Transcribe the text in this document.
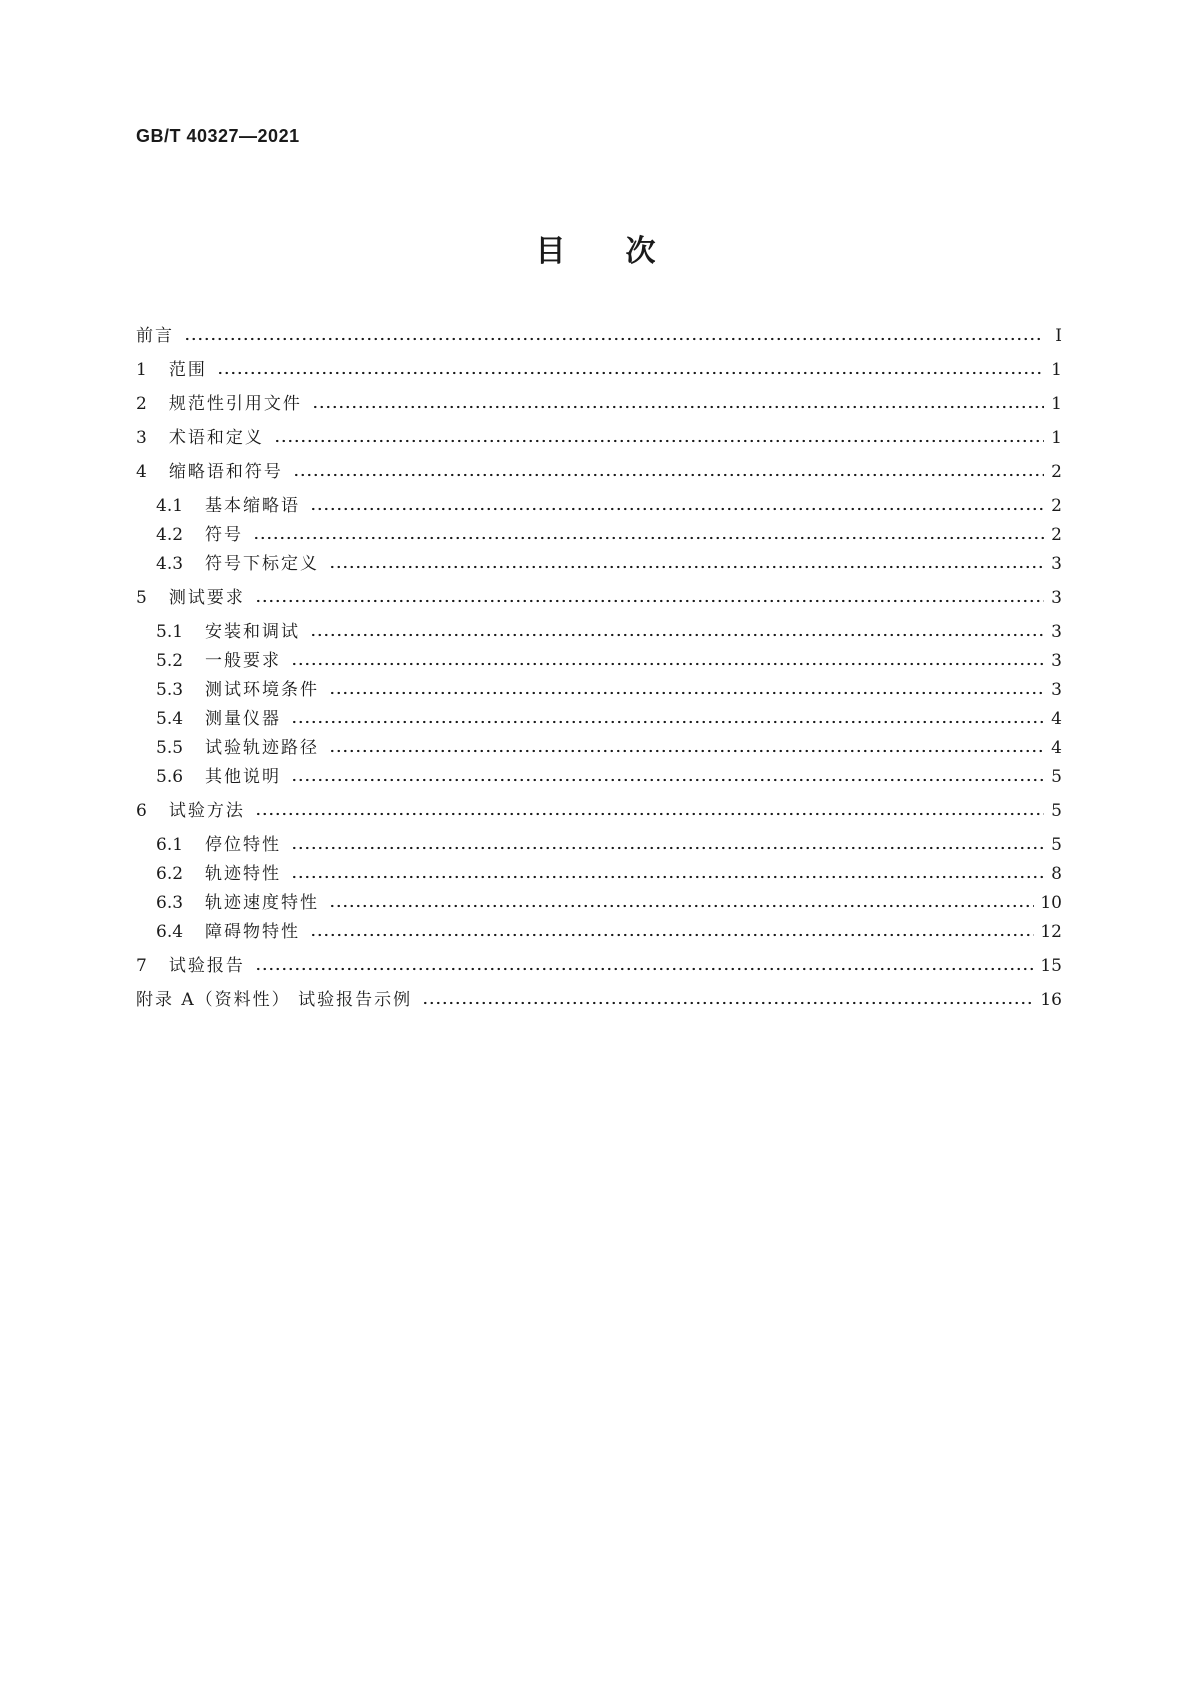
GB/T 40327—2021
目次
前言	Ⅰ
1 范围	1
2 规范性引用文件	1
3 术语和定义	1
4 缩略语和符号	2
4.1 基本缩略语	2
4.2 符号	2
4.3 符号下标定义	3
5 测试要求	3
5.1 安装和调试	3
5.2 一般要求	3
5.3 测试环境条件	3
5.4 测量仪器	4
5.5 试验轨迹路径	4
5.6 其他说明	5
6 试验方法	5
6.1 停位特性	5
6.2 轨迹特性	8
6.3 轨迹速度特性	10
6.4 障碍物特性	12
7 试验报告	15
附录 A（资料性） 试验报告示例	16
